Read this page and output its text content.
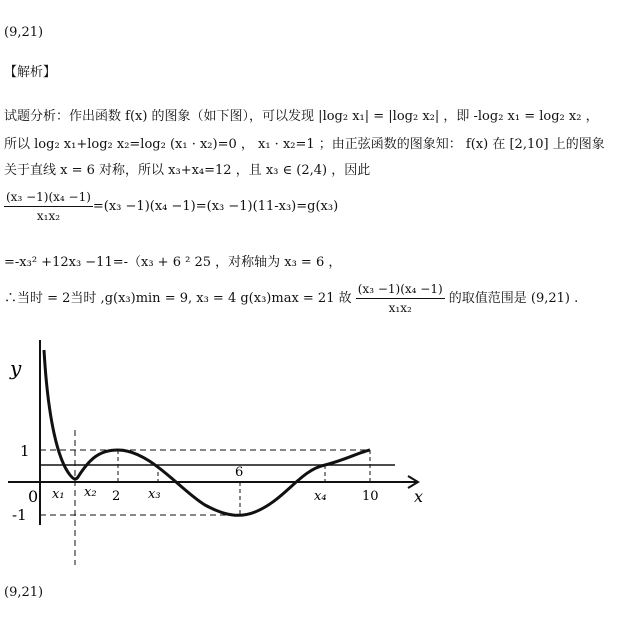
(9,21)
【解析】
试题分析：作出函数 f(x) 的图象（如下图），可以发现 |log₂ x₁| = |log₂ x₂| ，即 -log₂ x₁ = log₂ x₂ ，
所以 log₂ x₁+log₂ x₂=log₂ (x₁ · x₂)=0 ， x₁ · x₂=1 ；由正弦函数的图象知： f(x) 在 [2,10] 上的图象
关于直线 x = 6 对称，所以 x₃+x₄=12 ，且 x₃ ∈ (2,4) ，因此
$\frac{\text{(x₃ −1)(x₄ −1)}}{\text{x₁x₂}} =(x_3 -1)(x_4 -1)=(x_3 -1)(11-x_3)=g(x_3)$
=-x₃² +12x₃ −11=-（x₃ + 6 ² 25 ，对称轴为 x₃ = 6 ，
∴当时 = 2当时 ,g(x₃)min = 9, x₃ = 4 g(x₃)max = 21 故 $\frac{\text{(x₃ −1)(x₄ −1)}}{\text{x₁x₂}}$ 的取值范围是 (9,21) .
y
x
0
1
-1
x₁ x₂ 2 x₃
6
x₄	10
(9,21)
